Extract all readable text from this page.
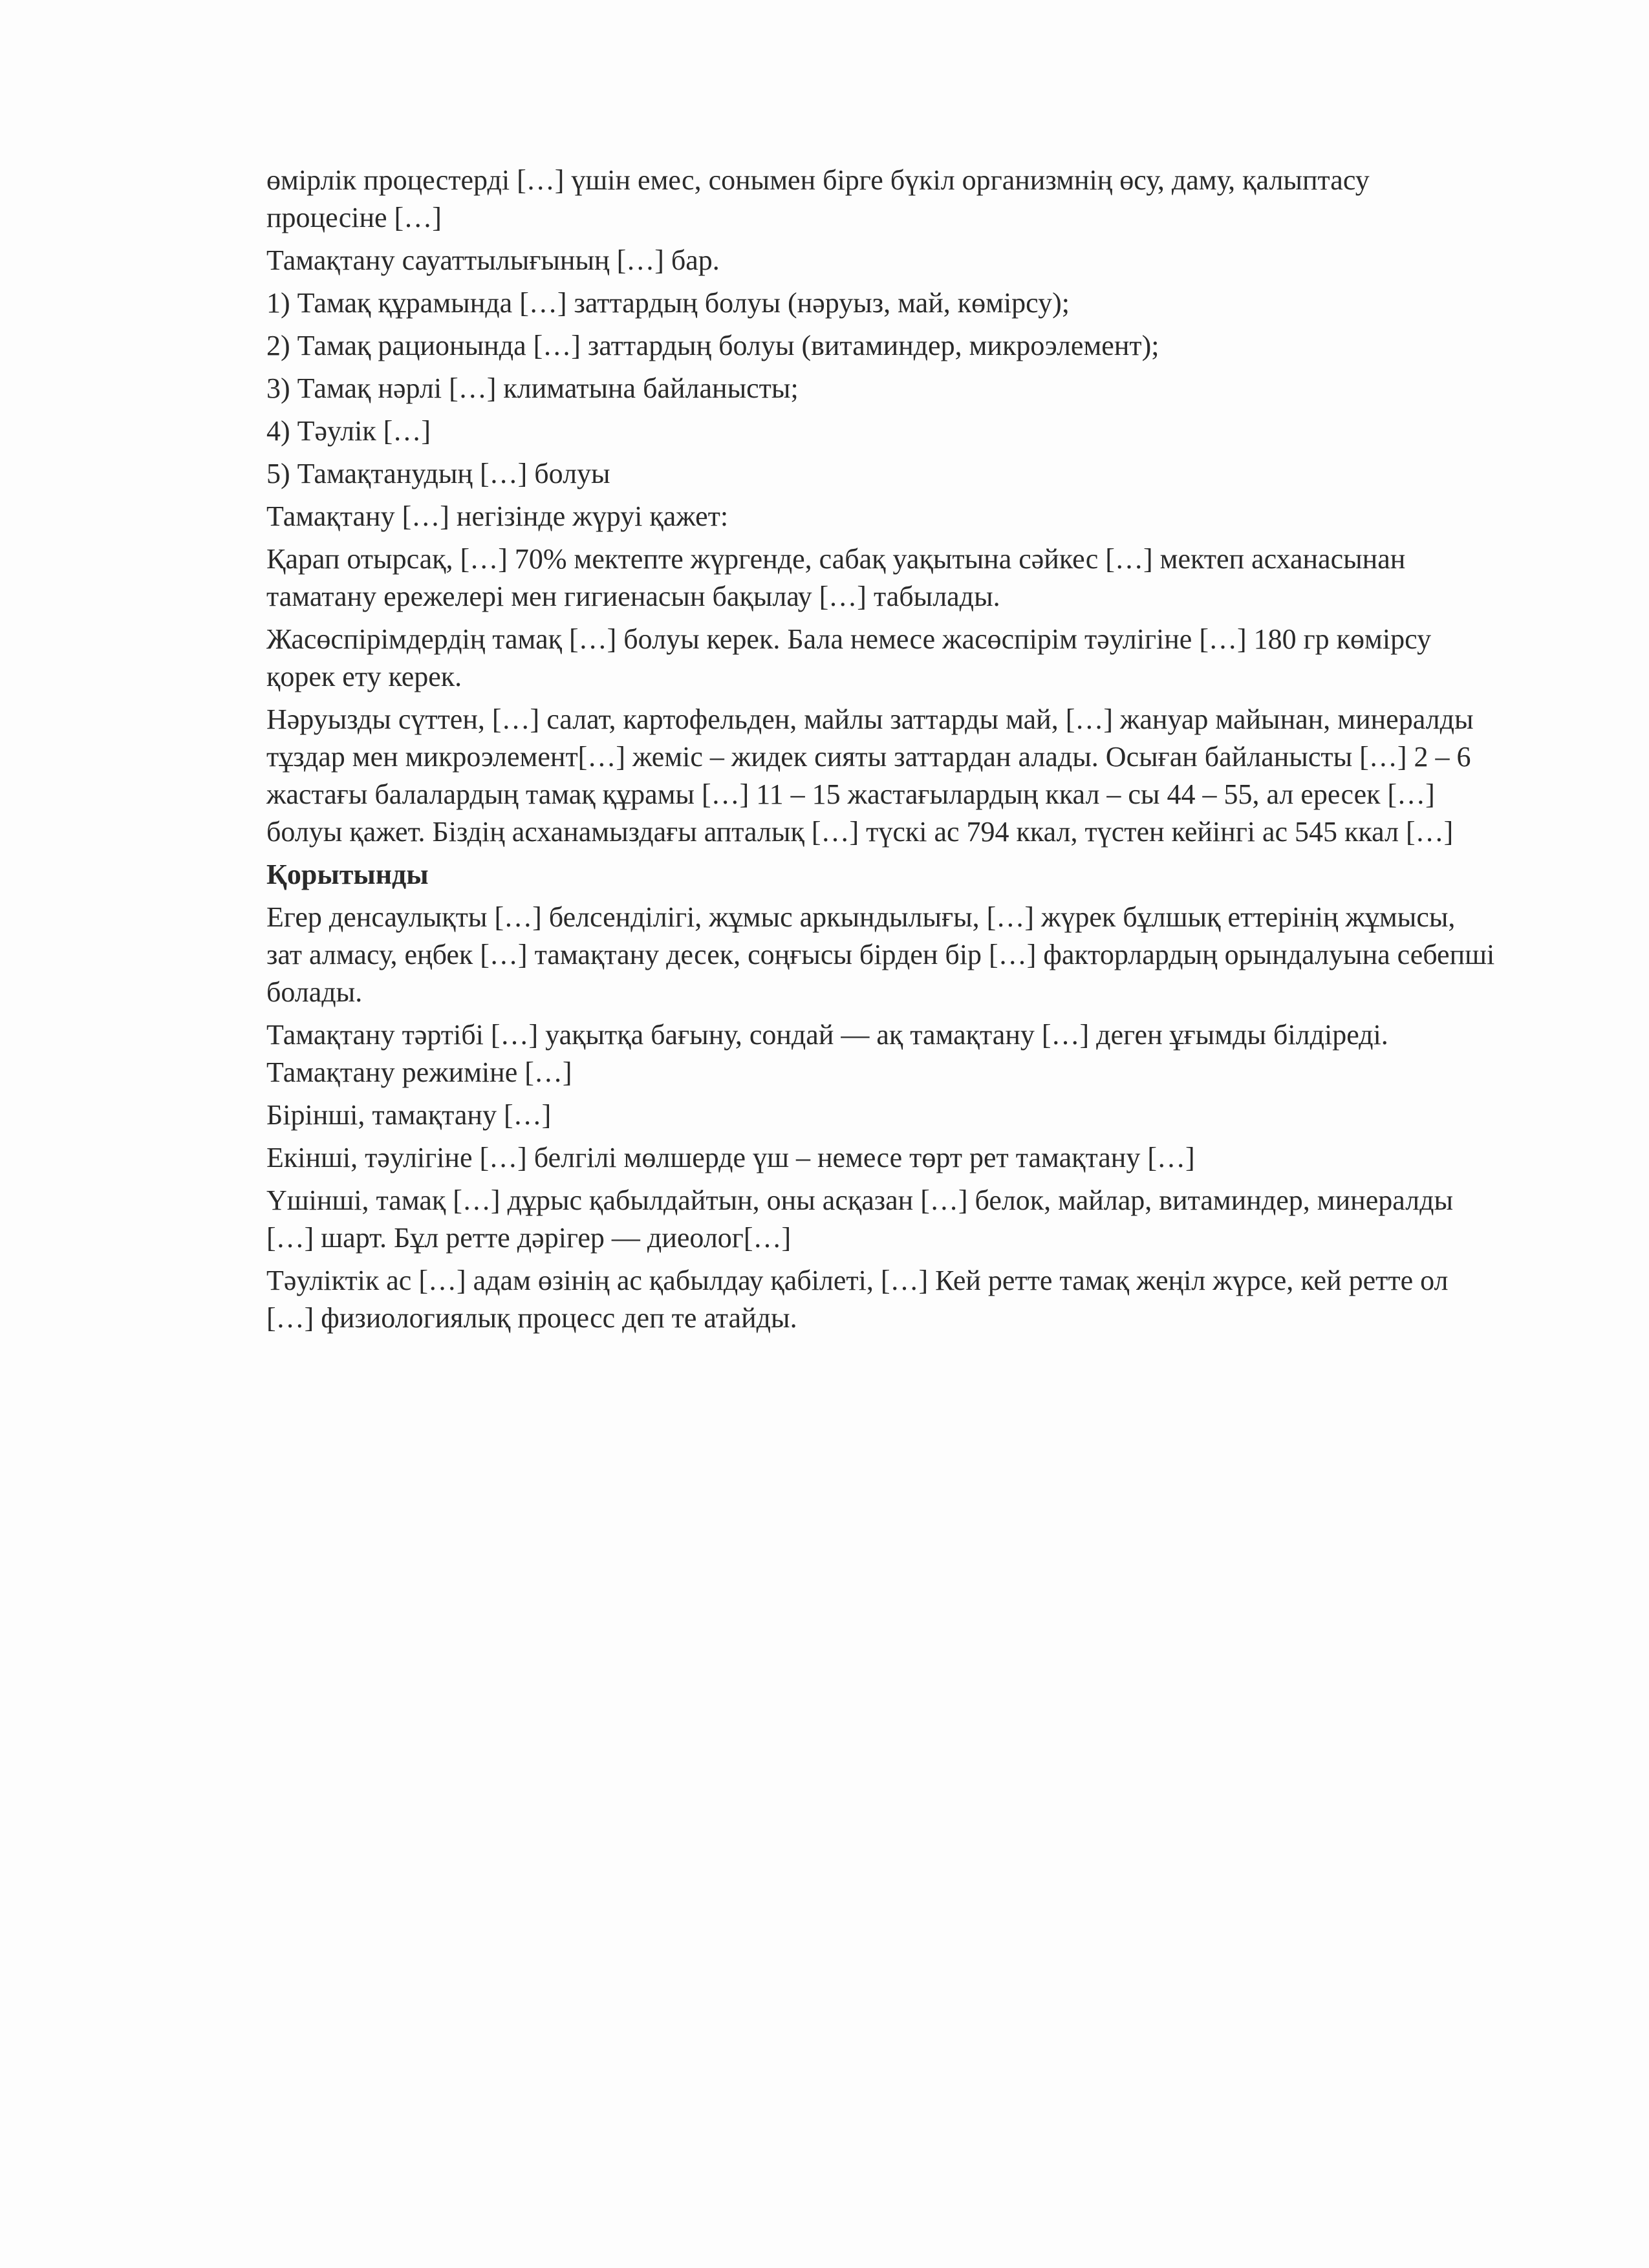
өмірлік процестерді […] үшін емес, сонымен бірге бүкіл организмнің өсу, даму, қалыптасу процесіне […]

Тамақтану сауаттылығының […] бар.

1) Тамақ құрамында […] заттардың болуы (нәруыз, май, көмірсу);

2) Тамақ рационында […] заттардың болуы (витаминдер, микроэлемент);

3) Тамақ нәрлі […] климатына байланысты;

4) Тәулік […]

5) Тамақтанудың […] болуы

Тамақтану […] негізінде жүруі қажет:

Қарап отырсақ, […] 70% мектепте жүргенде, сабақ уақытына сәйкес […] мектеп асханасынан таматану ережелері мен гигиенасын бақылау […] табылады.

Жасөспірімдердің тамақ […] болуы керек. Бала немесе жасөспірім тәулігіне […] 180 гр көмірсу қорек ету керек.

Нәруызды сүттен, […] салат, картофельден, майлы заттарды май, […] жануар майынан, минералды тұздар мен микроэлемент[…] жеміс – жидек сияты заттардан алады. Осыған байланысты […] 2 – 6 жастағы балалардың тамақ құрамы […] 11 – 15 жастағылардың ккал – сы 44 – 55, ал ересек […] болуы қажет. Біздің асханамыздағы апталық […] түскі ас 794 ккал, түстен кейінгі ас 545 ккал […]

Қорытынды

Егер денсаулықты […] белсенділігі, жұмыс аркындылығы, […] жүрек бұлшық еттерінің жұмысы, зат алмасу, еңбек […] тамақтану десек, соңғысы бірден бір […] факторлардың орындалуына себепші болады.

Тамақтану тәртібі […] уақытқа бағыну, сондай — ақ тамақтану […] деген ұғымды білдіреді. Тамақтану режиміне […]

Бірінші, тамақтану […]

Екінші, тәулігіне […] белгілі мөлшерде үш – немесе төрт рет тамақтану […]

Үшінші, тамақ […] дұрыс қабылдайтын, оны асқазан […] белок, майлар, витаминдер, минералды […] шарт. Бұл ретте дәрігер — диеолог[…]

Тәуліктік ас […] адам өзінің ас қабылдау қабілеті, […] Кей ретте тамақ жеңіл жүрсе, кей ретте ол […] физиологиялық процесс деп те атайды.
